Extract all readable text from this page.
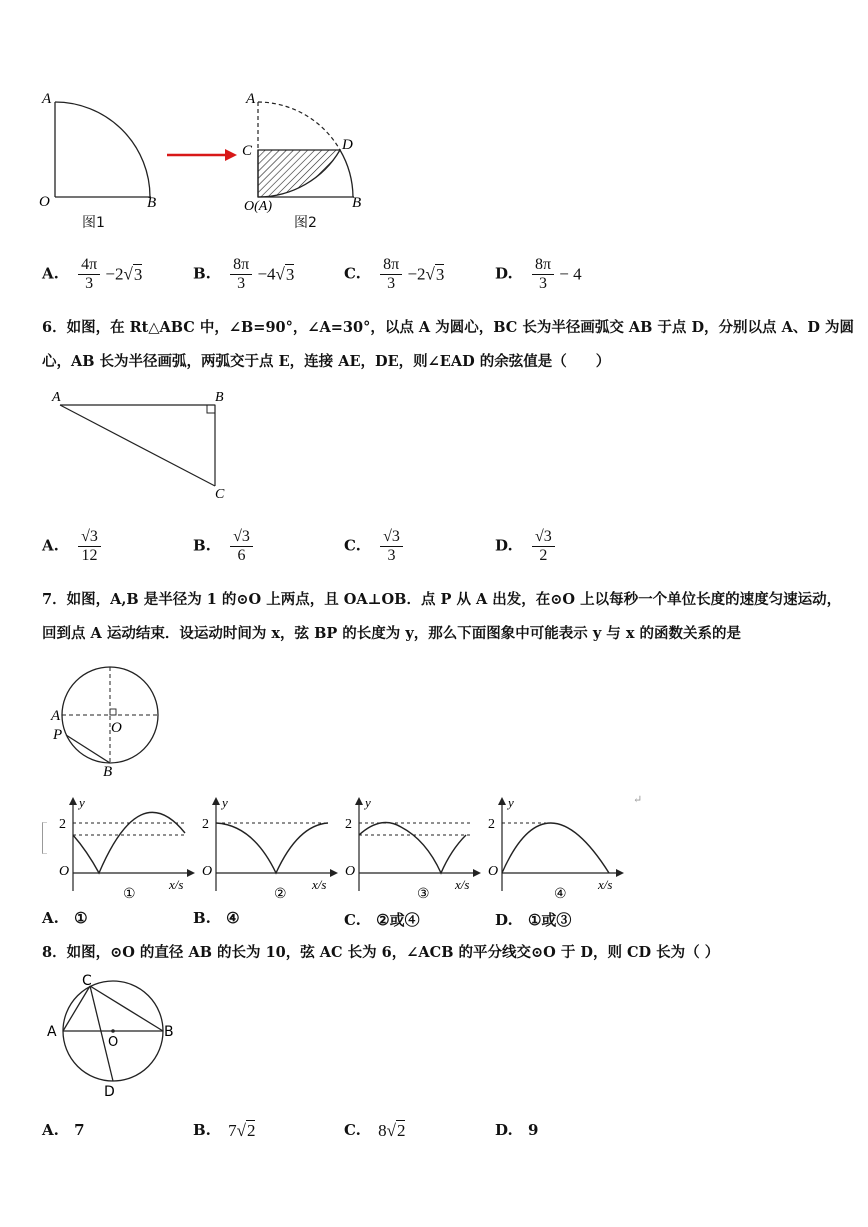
A
O	B
图1
A
C	D
O(A)	B
图2
A. $\frac{4\pi}{3} -2√3$	B. $\frac{8\pi}{3} -4√3$	C. $\frac{8\pi}{3} -2√3$	D. $\frac{8\pi}{3} - 4$
6．如图，在 Rt△ABC 中，∠B=90°，∠A=30°，以点 A 为圆心，BC 长为半径画弧交 AB 于点 D，分别以点 A、D 为圆
心，AB 长为半径画弧，两弧交于点 E，连接 AE，DE，则∠EAD 的余弦值是（　　）
A	B
C
A. $\frac{√3}{12}$	B. $\frac{√3}{6}$	C. $\frac{√3}{3}$	D. $\frac{√3}{2}$
7．如图，A,B 是半径为 1 的⊙O 上两点，且 OA⊥OB．点 P 从 A 出发，在⊙O 上以每秒一个单位长度的速度匀速运动，
回到点 A 运动结束．设运动时间为 x，弦 BP 的长度为 y，那么下面图象中可能表示 y 与 x 的函数关系的是
A
O
P
B
↵
y
2
O
x/s
①
y
2
O
x/s
②
y
2
O
x/s
③
y
2
O
x/s
④
A. ①	B. ④	C. ②或④	D. ①或③
8．如图，⊙O 的直径 AB 的长为 10，弦 AC 长为 6，∠ACB 的平分线交⊙O 于 D，则 CD 长为（ ）
A	B
C
O
D
A. 7	B. 7√2	C. 8√2	D. 9
